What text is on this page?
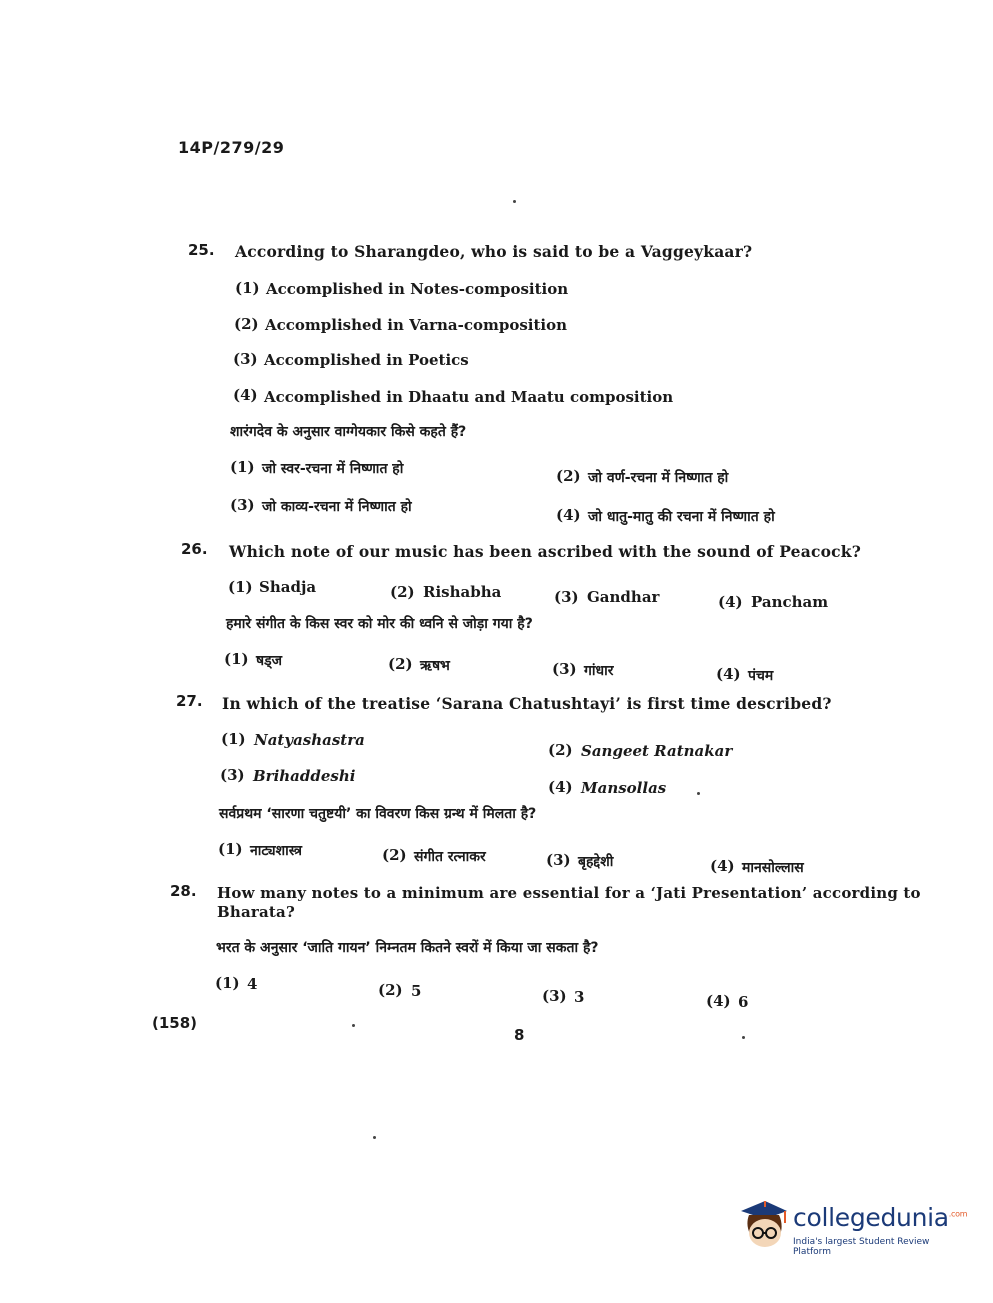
14P/279/29
25. According to Sharangdeo, who is said to be a Vaggeykaar?
(1) Accomplished in Notes-composition
(2) Accomplished in Varna-composition
(3) Accomplished in Poetics
(4) Accomplished in Dhaatu and Maatu composition
शारंगदेव के अनुसार वाग्गेयकार किसे कहते हैं?
(1) जो स्वर-रचना में निष्णात हो	(2) जो वर्ण-रचना में निष्णात हो
(3) जो काव्य-रचना में निष्णात हो	(4) जो धातु-मातु की रचना में निष्णात हो
26. Which note of our music has been ascribed with the sound of Peacock?
(1) Shadja	(2) Rishabha	(3) Gandhar	(4) Pancham
हमारे संगीत के किस स्वर को मोर की ध्वनि से जोड़ा गया है?
(1) षड्ज	(2) ऋषभ	(3) गांधार	(4) पंचम
27. In which of the treatise ‘Sarana Chatushtayi’ is first time described?
(1) Natyashastra
(2) Sangeet Ratnakar
(3) Brihaddeshi
(4) Mansollas
सर्वप्रथम ‘सारणा चतुष्टयी’ का विवरण किस ग्रन्थ में मिलता है?
(1) नाट्यशास्त्र	(2) संगीत रत्नाकर	(3) बृहद्देशी	(4) मानसोल्लास
28. How many notes to a minimum are essential for a ‘Jati Presentation’ according to
Bharata?
भरत के अनुसार ‘जाति गायन’ निम्नतम कितने स्वरों में किया जा सकता है?
(1) 4	(2) 5	(3) 3	(4) 6
(158)
8
collegedunia$^{.com}$
India's largest Student Review Platform
